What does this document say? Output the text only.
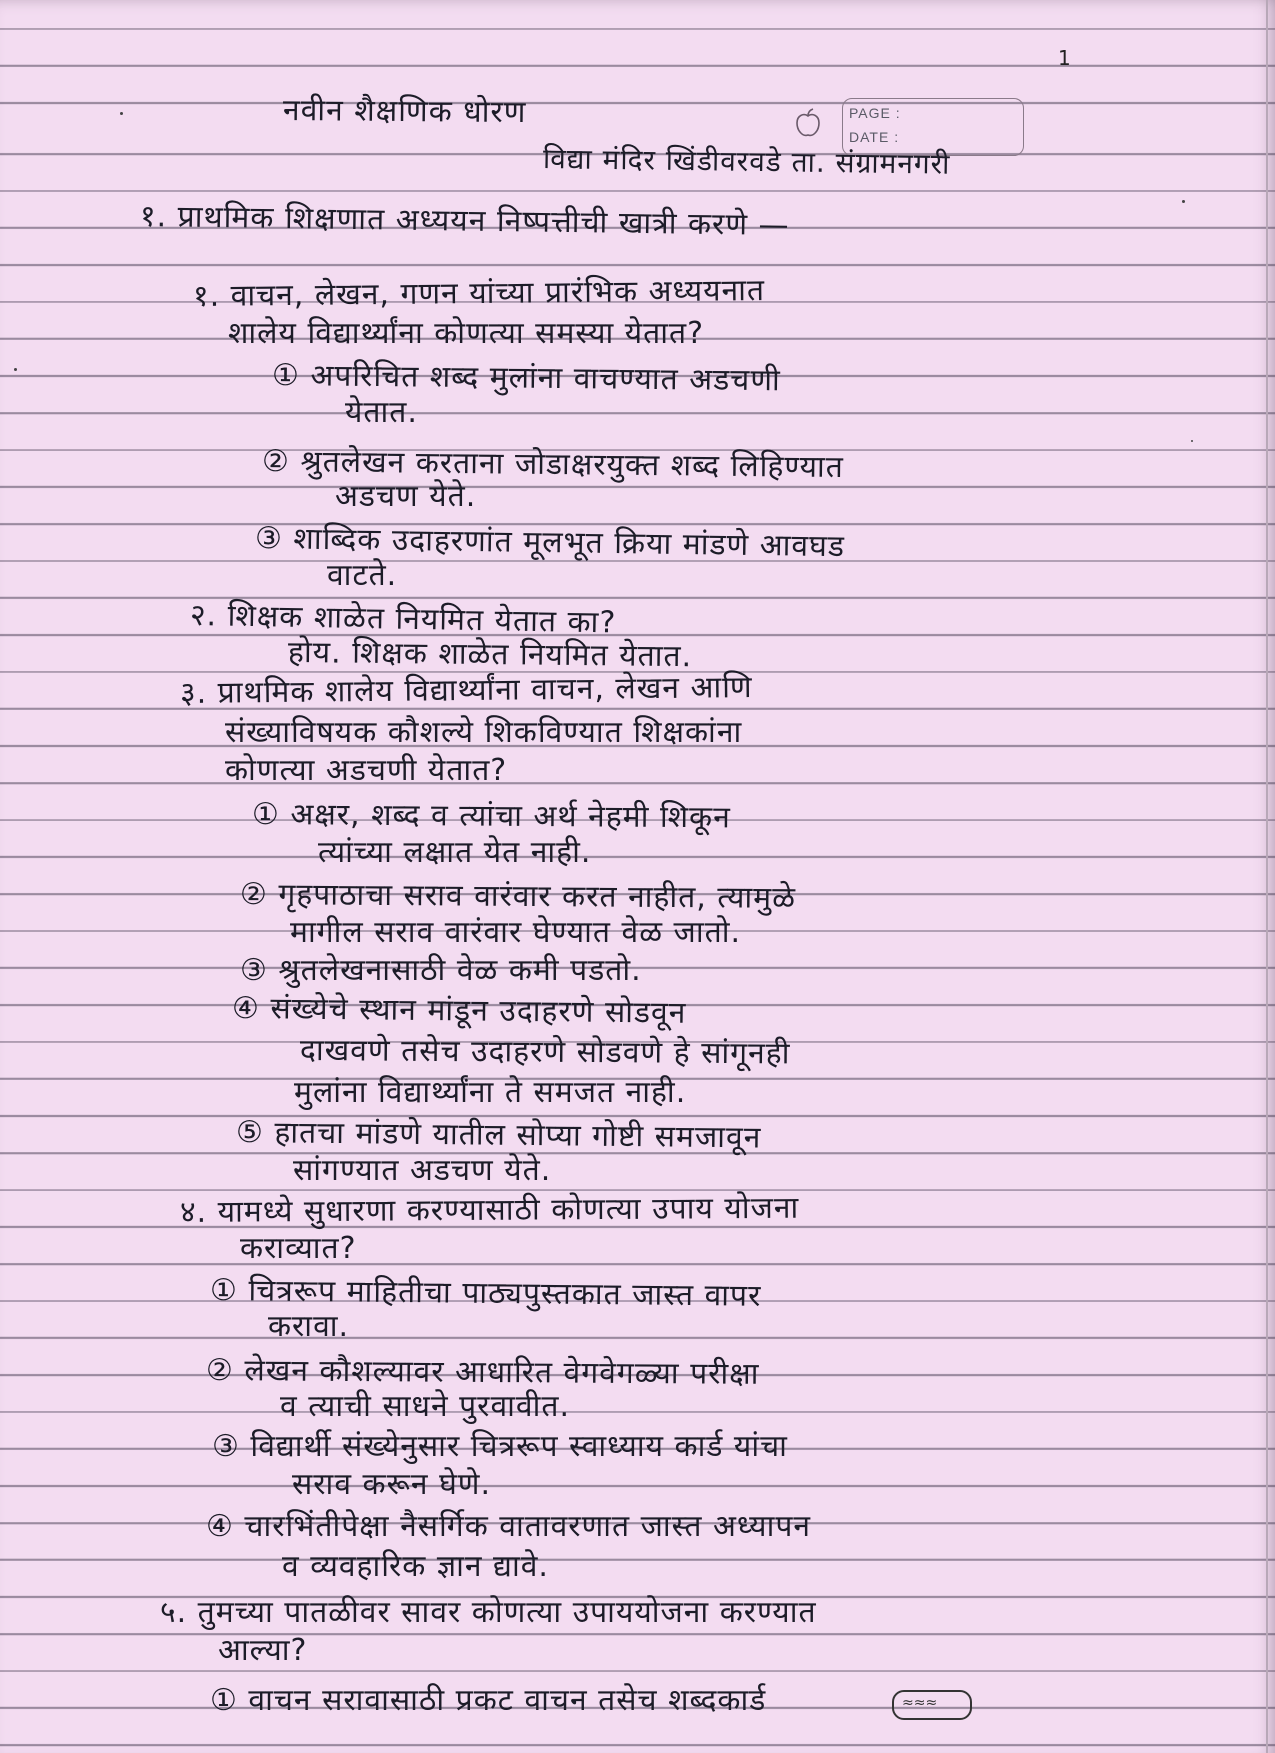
1
PAGE :
DATE :
नवीन शैक्षणिक धोरण
विद्या मंदिर खिंडीवरवडे ता. संग्रामनगरी
१. प्राथमिक शिक्षणात अध्ययन निष्पत्तीची खात्री करणे —
१. वाचन, लेखन, गणन यांच्या प्रारंभिक अध्ययनात
शालेय विद्यार्थ्यांना कोणत्या समस्या येतात?
① अपरिचित शब्द मुलांना वाचण्यात अडचणी
येतात.
② श्रुतलेखन करताना जोडाक्षरयुक्त शब्द लिहिण्यात
अडचण येते.
③ शाब्दिक उदाहरणांत मूलभूत क्रिया मांडणे आवघड
वाटते.
२. शिक्षक शाळेत नियमित येतात का?
होय. शिक्षक शाळेत नियमित येतात.
३. प्राथमिक शालेय विद्यार्थ्यांना वाचन, लेखन आणि
संख्याविषयक कौशल्ये शिकविण्यात शिक्षकांना
कोणत्या अडचणी येतात?
① अक्षर, शब्द व त्यांचा अर्थ नेहमी शिकून
त्यांच्या लक्षात येत नाही.
② गृहपाठाचा सराव वारंवार करत नाहीत, त्यामुळे
मागील सराव वारंवार घेण्यात वेळ जातो.
③ श्रुतलेखनासाठी वेळ कमी पडतो.
④ संख्येचे स्थान मांडून उदाहरणे सोडवून
दाखवणे तसेच उदाहरणे सोडवणे हे सांगूनही
मुलांना विद्यार्थ्यांना ते समजत नाही.
⑤ हातचा मांडणे यातील सोप्या गोष्टी समजावून
सांगण्यात अडचण येते.
४. यामध्ये सुधारणा करण्यासाठी कोणत्या उपाय योजना
कराव्यात?
① चित्ररूप माहितीचा पाठ्यपुस्तकात जास्त वापर
करावा.
② लेखन कौशल्यावर आधारित वेगवेगळ्या परीक्षा
व त्याची साधने पुरवावीत.
③ विद्यार्थी संख्येनुसार चित्ररूप स्वाध्याय कार्ड यांचा
सराव करून घेणे.
④ चारभिंतीपेक्षा नैसर्गिक वातावरणात जास्त अध्यापन
व व्यवहारिक ज्ञान द्यावे.
५. तुमच्या पातळीवर सावर कोणत्या उपाययोजना करण्यात
आल्या?
① वाचन सरावासाठी प्रकट वाचन तसेच शब्दकार्ड	≈≈≈
